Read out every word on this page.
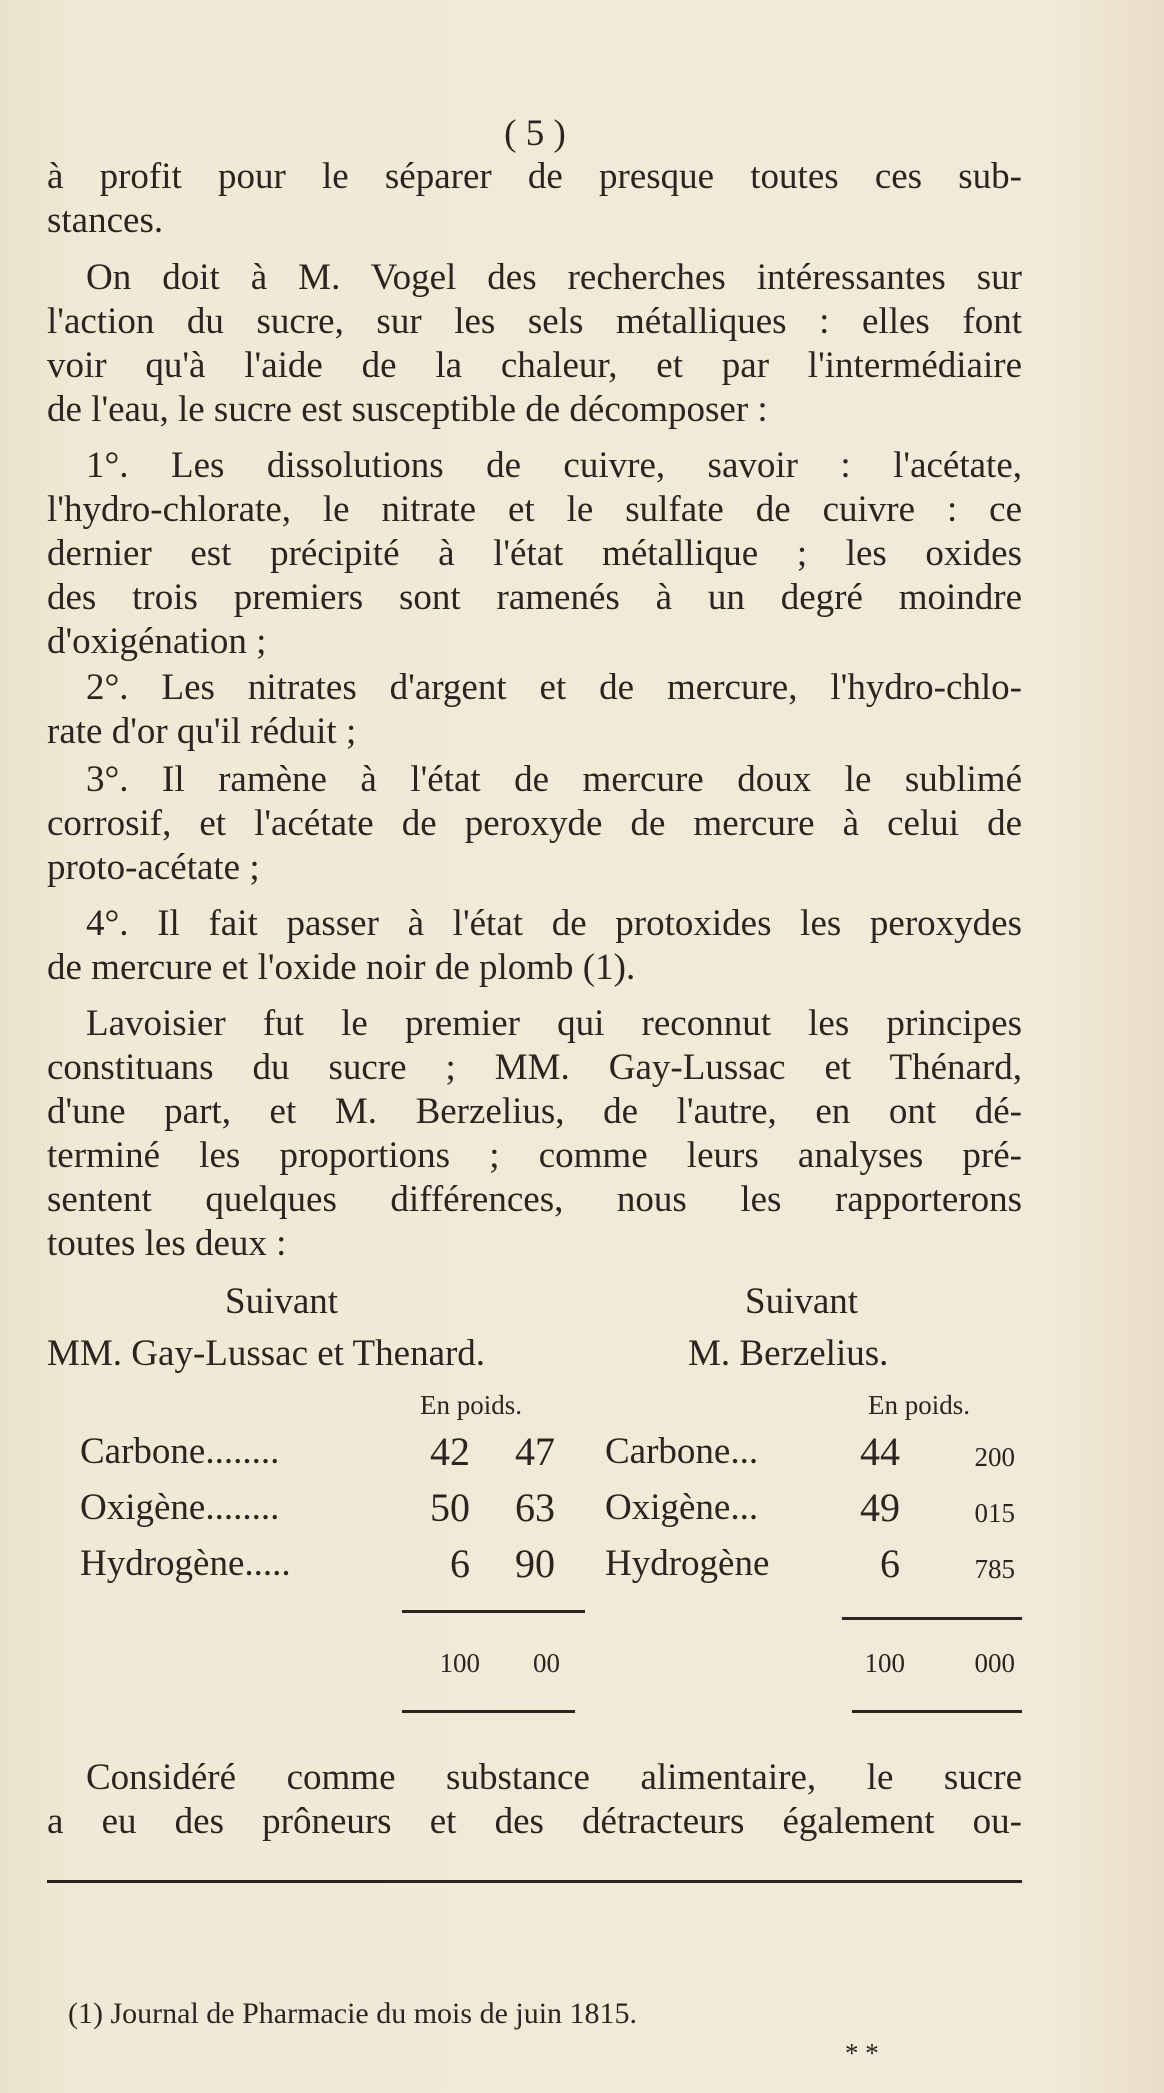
( 5 )
à profit pour le séparer de presque toutes ces sub-
stances.
On doit à M. Vogel des recherches intéressantes sur
l'action du sucre, sur les sels métalliques : elles font
voir qu'à l'aide de la chaleur, et par l'intermédiaire
de l'eau, le sucre est susceptible de décomposer :
1°. Les dissolutions de cuivre, savoir : l'acétate,
l'hydro-chlorate, le nitrate et le sulfate de cuivre : ce
dernier est précipité à l'état métallique ; les oxides
des trois premiers sont ramenés à un degré moindre
d'oxigénation ;
2°. Les nitrates d'argent et de mercure, l'hydro-chlo-
rate d'or qu'il réduit ;
3°. Il ramène à l'état de mercure doux le sublimé
corrosif, et l'acétate de peroxyde de mercure à celui de
proto-acétate ;
4°. Il fait passer à l'état de protoxides les peroxydes
de mercure et l'oxide noir de plomb (1).
Lavoisier fut le premier qui reconnut les principes
constituans du sucre ; MM. Gay-Lussac et Thénard,
d'une part, et M. Berzelius, de l'autre, en ont dé-
terminé les proportions ; comme leurs analyses pré-
sentent quelques différences, nous les rapporterons
toutes les deux :
Suivant
MM. Gay-Lussac et Thenard.
En poids.
Carbone........	42	47
Oxigène........	50	63
Hydrogène.....	6	90
100	00
Suivant
M. Berzelius.
En poids.
Carbone...	44	200
Oxigène...	49	015
Hydrogène	6	785
100	000
Considéré comme substance alimentaire, le sucre
a eu des prôneurs et des détracteurs également ou-
(1) Journal de Pharmacie du mois de juin 1815.
* *
